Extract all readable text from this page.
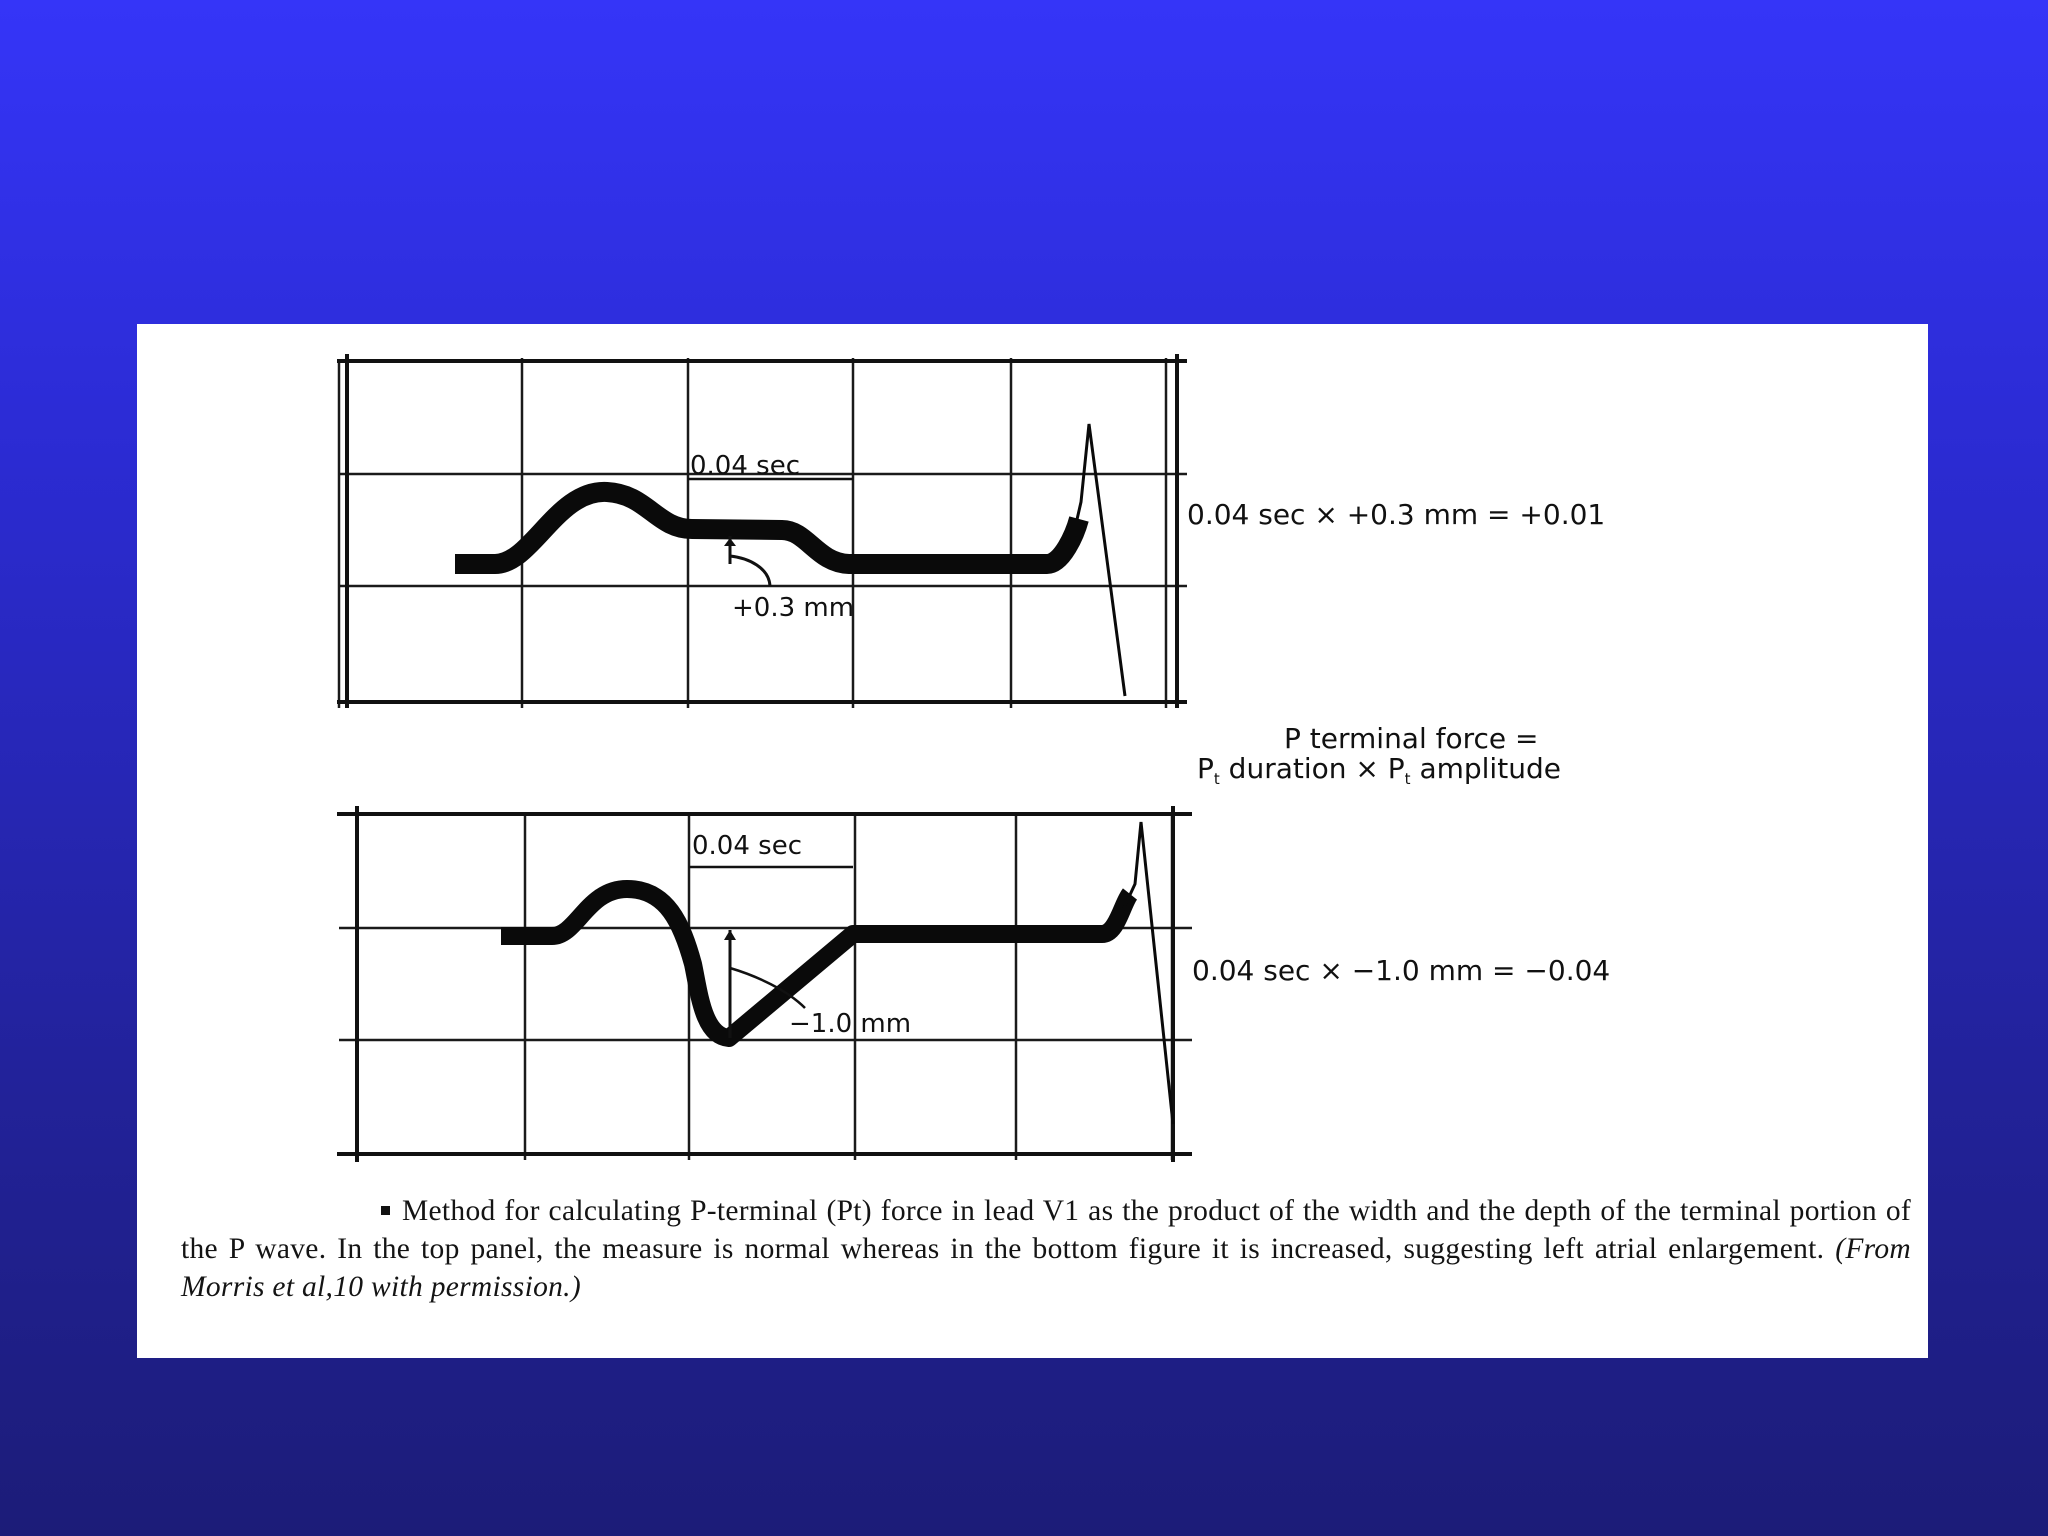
0.04 sec
+0.3 mm
0.04 sec × +0.3 mm = +0.01
P terminal force =
$P_t$ duration × $P_t$ amplitude
0.04 sec
−1.0 mm
0.04 sec × −1.0 mm = −0.04
Method for calculating P-terminal (Pt) force in lead V1 as the product of the width and the depth of the terminal portion of the P wave. In the top panel, the measure is normal whereas in the bottom figure it is increased, suggesting left atrial enlargement. (From Morris et al,10 with permission.)
